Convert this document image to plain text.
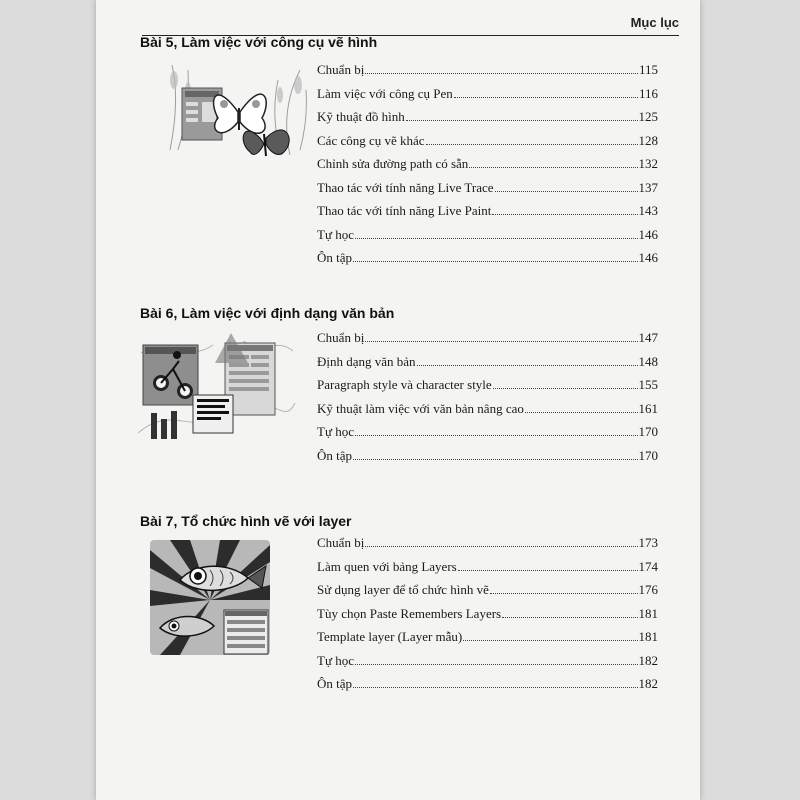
Mục lục
Bài 5, Làm việc với công cụ vẽ hình
Chuẩn bị	115
Làm việc với công cụ Pen	116
Kỹ thuật đồ hình	125
Các công cụ vẽ khác	128
Chỉnh sửa đường path có sẵn	132
Thao tác với tính năng Live Trace	137
Thao tác với tính năng Live Paint	143
Tự học	146
Ôn tập	146
Bài 6, Làm việc với định dạng văn bản
Chuẩn bị	147
Định dạng văn bản	148
Paragraph style và character style	155
Kỹ thuật làm việc với văn bản nâng cao	161
Tự học	170
Ôn tập	170
Bài 7, Tổ chức hình vẽ với layer
Chuẩn bị	173
Làm quen với bảng Layers	174
Sử dụng layer để tổ chức hình vẽ	176
Tùy chọn Paste Remembers Layers	181
Template layer (Layer mẫu)	181
Tự học	182
Ôn tập	182
